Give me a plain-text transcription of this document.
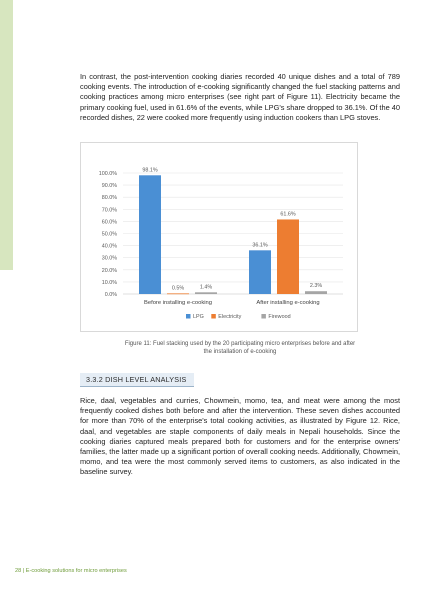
In contrast, the post-intervention cooking diaries recorded 40 unique dishes and a total of 789 cooking events. The introduction of e-cooking significantly changed the fuel stacking patterns and cooking practices among micro enterprises (see right part of Figure 11). Electricity became the primary cooking fuel, used in 61.6% of the events, while LPG's share dropped to 36.1%. Of the 40 recorded dishes, 22 were cooked more frequently using induction cookers than LPG stoves.

0.0%
10.0%
20.0%
30.0%
40.0%
50.0%
60.0%
70.0%
80.0%
90.0%
100.0%
98.1%
0.5%	1.4%
Before installing e-cooking
36.1%
61.6%
2.3%
After installing e-cooking
LPG	Electricity	Firewood
Figure 11: Fuel stacking used by the 20 participating micro enterprises before and after the installation of e-cooking
3.3.2 DISH LEVEL ANALYSIS

Rice, daal, vegetables and curries, Chowmein, momo, tea, and meat were among the most frequently cooked dishes both before and after the intervention. These seven dishes accounted for more than 70% of the enterprise's total cooking activities, as illustrated by Figure 12. Rice, daal, and vegetables are staple components of daily meals in Nepali households. Since the cooking diaries captured meals prepared both for customers and for the enterprise owners' families, the latter made up a significant portion of overall cooking needs. Additionally, Chowmein, momo, and tea were the most commonly served items to customers, as also indicated in the baseline survey.

28 | E-cooking solutions for micro enterprises
